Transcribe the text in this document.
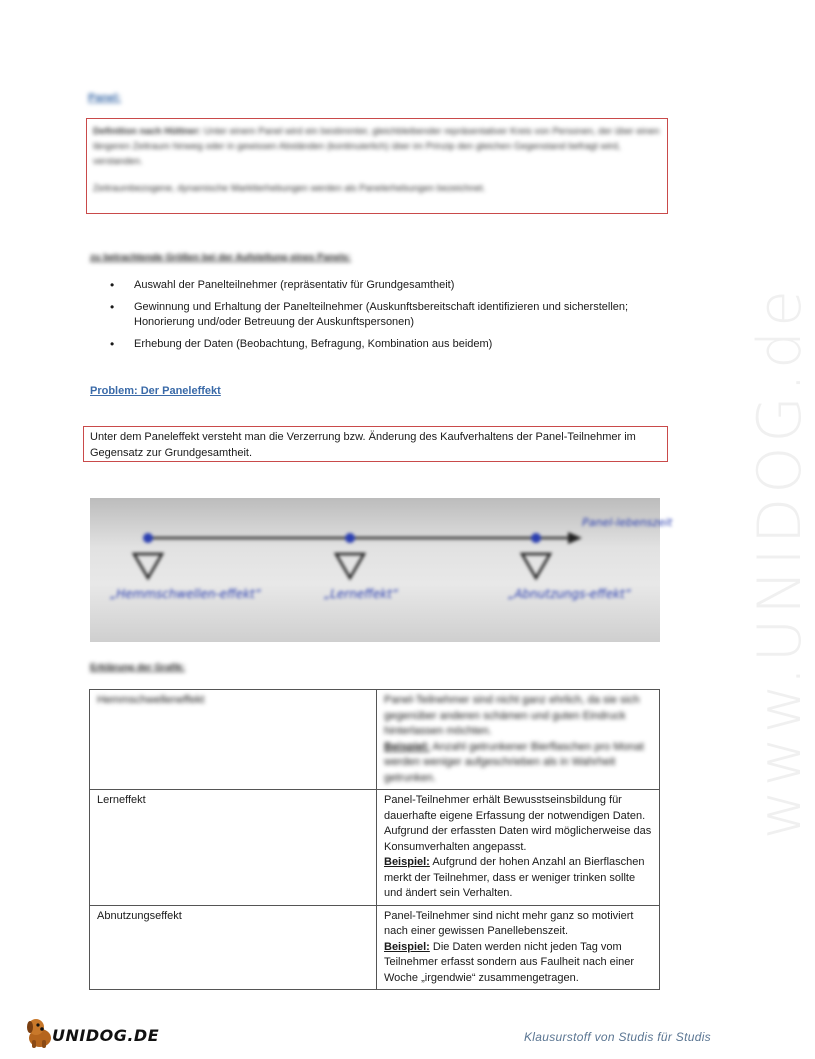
Panel:

Definition nach Hüttner: Unter einem Panel wird ein bestimmter, gleichbleibender repräsentativer Kreis von Personen, der über einen längeren Zeitraum hinweg oder in gewissen Abständen (kontinuierlich) über im Prinzip den gleichen Gegenstand befragt wird, verstanden.

Zeitraumbezogene, dynamische Marktterhebungen werden als Panelerhebungen bezeichnet.

zu betrachtende Größen bei der Aufstellung eines Panels:
• Auswahl der Panelteilnehmer (repräsentativ für Grundgesamtheit)
• Gewinnung und Erhaltung der Panelteilnehmer (Auskunftsbereitschaft identifizieren und sicherstellen; Honorierung und/oder Betreuung der Auskunftspersonen)
• Erhebung der Daten (Beobachtung, Befragung, Kombination aus beidem)
Problem: Der Paneleffekt
Unter dem Paneleffekt versteht man die Verzerrung bzw. Änderung des Kaufverhaltens der Panel-Teilnehmer im Gegensatz zur Grundgesamtheit.
„Hemmschwellen-effekt“	„Lerneffekt“	„Abnutzungs-effekt“
Panel-lebenszeit
Erklärung der Grafik:
Hemmschwelleneffekt	Panel-Teilnehmer sind nicht ganz ehrlich, da sie sich gegenüber anderen schämen und guten Eindruck hinterlassen möchten.
Beispiel: Anzahl getrunkener Bierflaschen pro Monat werden weniger aufgeschrieben als in Wahrheit getrunken.
Lerneffekt	Panel-Teilnehmer erhält Bewusstseinsbildung für dauerhafte eigene Erfassung der notwendigen Daten. Aufgrund der erfassten Daten wird möglicherweise das Konsumverhalten angepasst.
Beispiel: Aufgrund der hohen Anzahl an Bierflaschen merkt der Teilnehmer, dass er weniger trinken sollte und ändert sein Verhalten.
Abnutzungseffekt	Panel-Teilnehmer sind nicht mehr ganz so motiviert nach einer gewissen Panellebenszeit.
Beispiel: Die Daten werden nicht jeden Tag vom Teilnehmer erfasst sondern aus Faulheit nach einer Woche „irgendwie“ zusammengetragen.
www.UNIDOG.de
UNIDOG.DE	Klausurstoff von Studis für Studis
